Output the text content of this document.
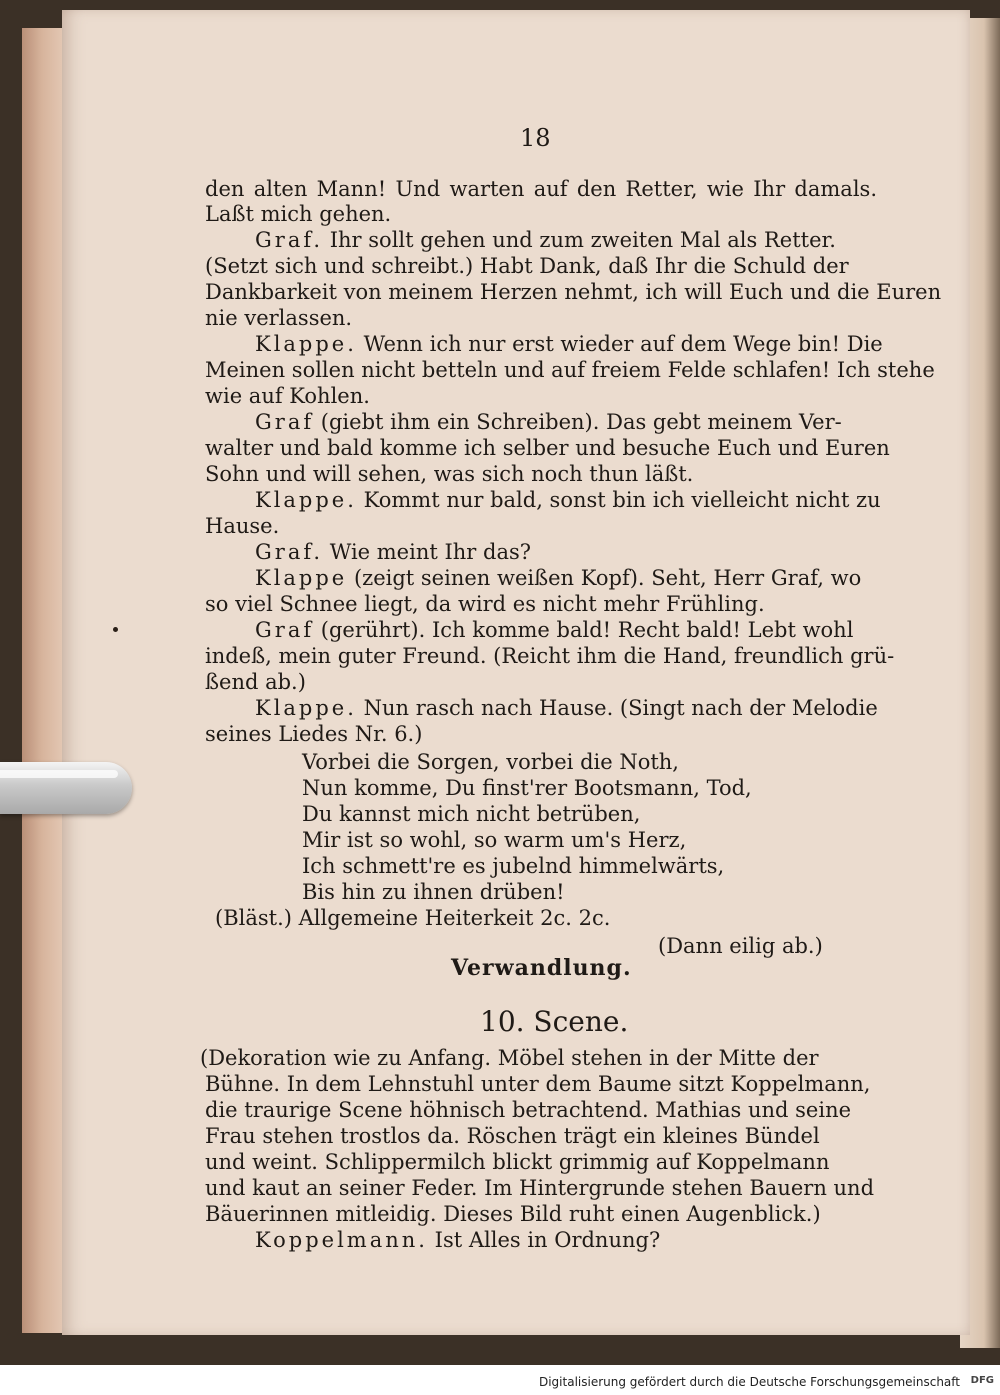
18
den alten Mann! Und warten auf den Retter, wie Ihr damals.
Laßt mich gehen.
Graf. Ihr sollt gehen und zum zweiten Mal als Retter.
(Setzt sich und schreibt.) Habt Dank, daß Ihr die Schuld der
Dankbarkeit von meinem Herzen nehmt, ich will Euch und die Euren
nie verlassen.
Klappe. Wenn ich nur erst wieder auf dem Wege bin! Die
Meinen sollen nicht betteln und auf freiem Felde schlafen! Ich stehe
wie auf Kohlen.
Graf (giebt ihm ein Schreiben). Das gebt meinem Ver-
walter und bald komme ich selber und besuche Euch und Euren
Sohn und will sehen, was sich noch thun läßt.
Klappe. Kommt nur bald, sonst bin ich vielleicht nicht zu
Hause.
Graf. Wie meint Ihr das?
Klappe (zeigt seinen weißen Kopf). Seht, Herr Graf, wo
so viel Schnee liegt, da wird es nicht mehr Frühling.
Graf (gerührt). Ich komme bald! Recht bald! Lebt wohl
indeß, mein guter Freund. (Reicht ihm die Hand, freundlich grü-
ßend ab.)
Klappe. Nun rasch nach Hause. (Singt nach der Melodie
seines Liedes Nr. 6.)
Vorbei die Sorgen, vorbei die Noth,
Nun komme, Du finst'rer Bootsmann, Tod,
Du kannst mich nicht betrüben,
Mir ist so wohl, so warm um's Herz,
Ich schmett're es jubelnd himmelwärts,
Bis hin zu ihnen drüben!
(Bläst.) Allgemeine Heiterkeit 2c. 2c.
(Dann eilig ab.)
Verwandlung.
10. Scene.
(Dekoration wie zu Anfang. Möbel stehen in der Mitte der
Bühne. In dem Lehnstuhl unter dem Baume sitzt Koppelmann,
die traurige Scene höhnisch betrachtend. Mathias und seine
Frau stehen trostlos da. Röschen trägt ein kleines Bündel
und weint. Schlippermilch blickt grimmig auf Koppelmann
und kaut an seiner Feder. Im Hintergrunde stehen Bauern und
Bäuerinnen mitleidig. Dieses Bild ruht einen Augenblick.)
Koppelmann. Ist Alles in Ordnung?
Digitalisierung gefördert durch die Deutsche Forschungsgemeinschaft DFG
